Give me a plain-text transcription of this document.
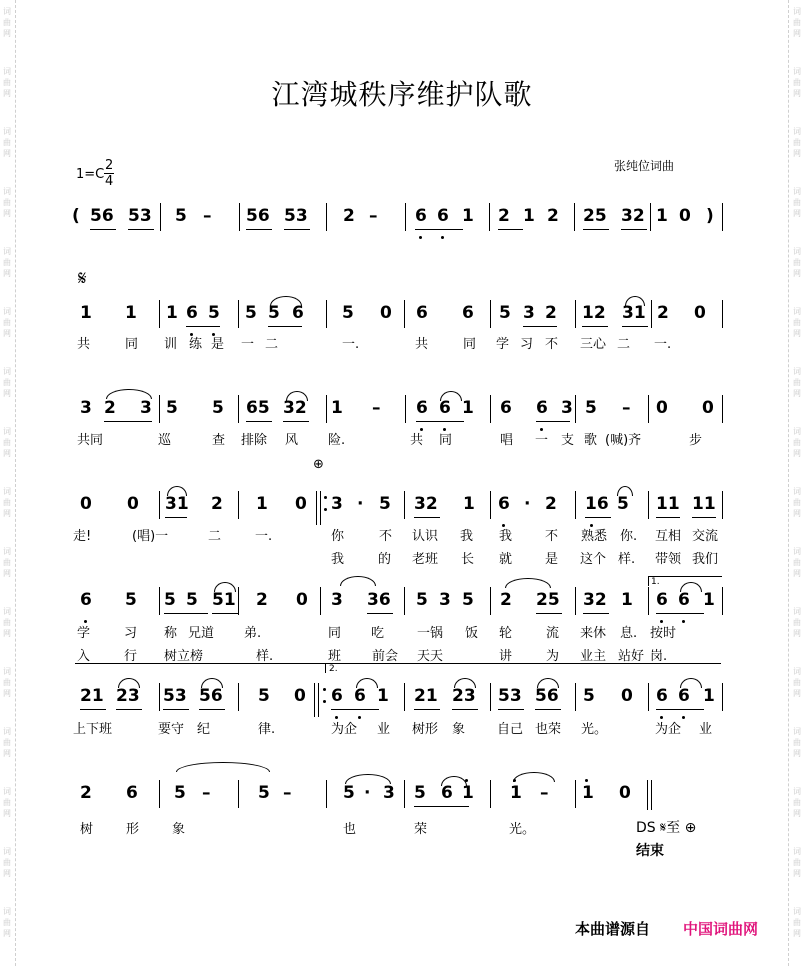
词
曲
网
词
曲
网
词
曲
网
词
曲
网
词
曲
网
词
曲
网
词
曲
网
词
曲
网
词
曲
网
词
曲
网
词
曲
网
词
曲
网
词
曲
网
词
曲
网
词
曲
网
词
曲
网
词
曲
网
词
曲
网
词
曲
网
词
曲
网
词
曲
网
词
曲
网
词
曲
网
词
曲
网
词
曲
网
词
曲
网
词
曲
网
词
曲
网
词
曲
网
词
曲
网
词
曲
网
词
曲
网
江湾城秩序维护队歌
$1=C \frac{2}{4}$	张纯位词曲
( 56 53 5 – 56 53 2 – 6 6 1 2 1 2 25 32 1 0 )
𝄋
1 1 1 6 5 5 5 6 5 0 6 6 5 3 2 12 31 2 0
共	同 训 练 是 一 二	一.	共	同 学 习 不 三心 二 一.
3 2 3 5 5 65 32 1 – 6 6 1 6 6 3 5 – 0 0
共同	巡	查 排除 风 险.	共 同	唱 一 支 歌 (喊)齐	步
⊕
0 0 31 2 1 0 3 · 5 32 1 6 · 2 16 5 11 11
走!	(唱)一	二	一.	你	不 认识 我 我	不 熟悉 你. 互相 交流
我	的 老班 长 就	是 这个 样. 带领 我们
6 5 5 5 51 2 0 3 36 5 3 5 2 25 32 1 6 6 1
1.
学	习 称 兄道 弟.	同 吃	一锅 饭 轮	流 来休 息. 按时
入	行 树立榜	样.	班 前会 天天	讲	为 业主 站好 岗.
2.
21 23 53 56 5 0 6 6 1 21 23 53 56 5 0 6 6 1
上下班	要守 纪	律.	为企 业 树形 象 自己 也荣 光。	为企 业
2 6 5 –	5 –	5 · 3 5 6 1 1 – 1 0
树	形	象	也	荣	光。	DS 𝄋至 ⊕
结束
本曲谱源自 中国词曲网
